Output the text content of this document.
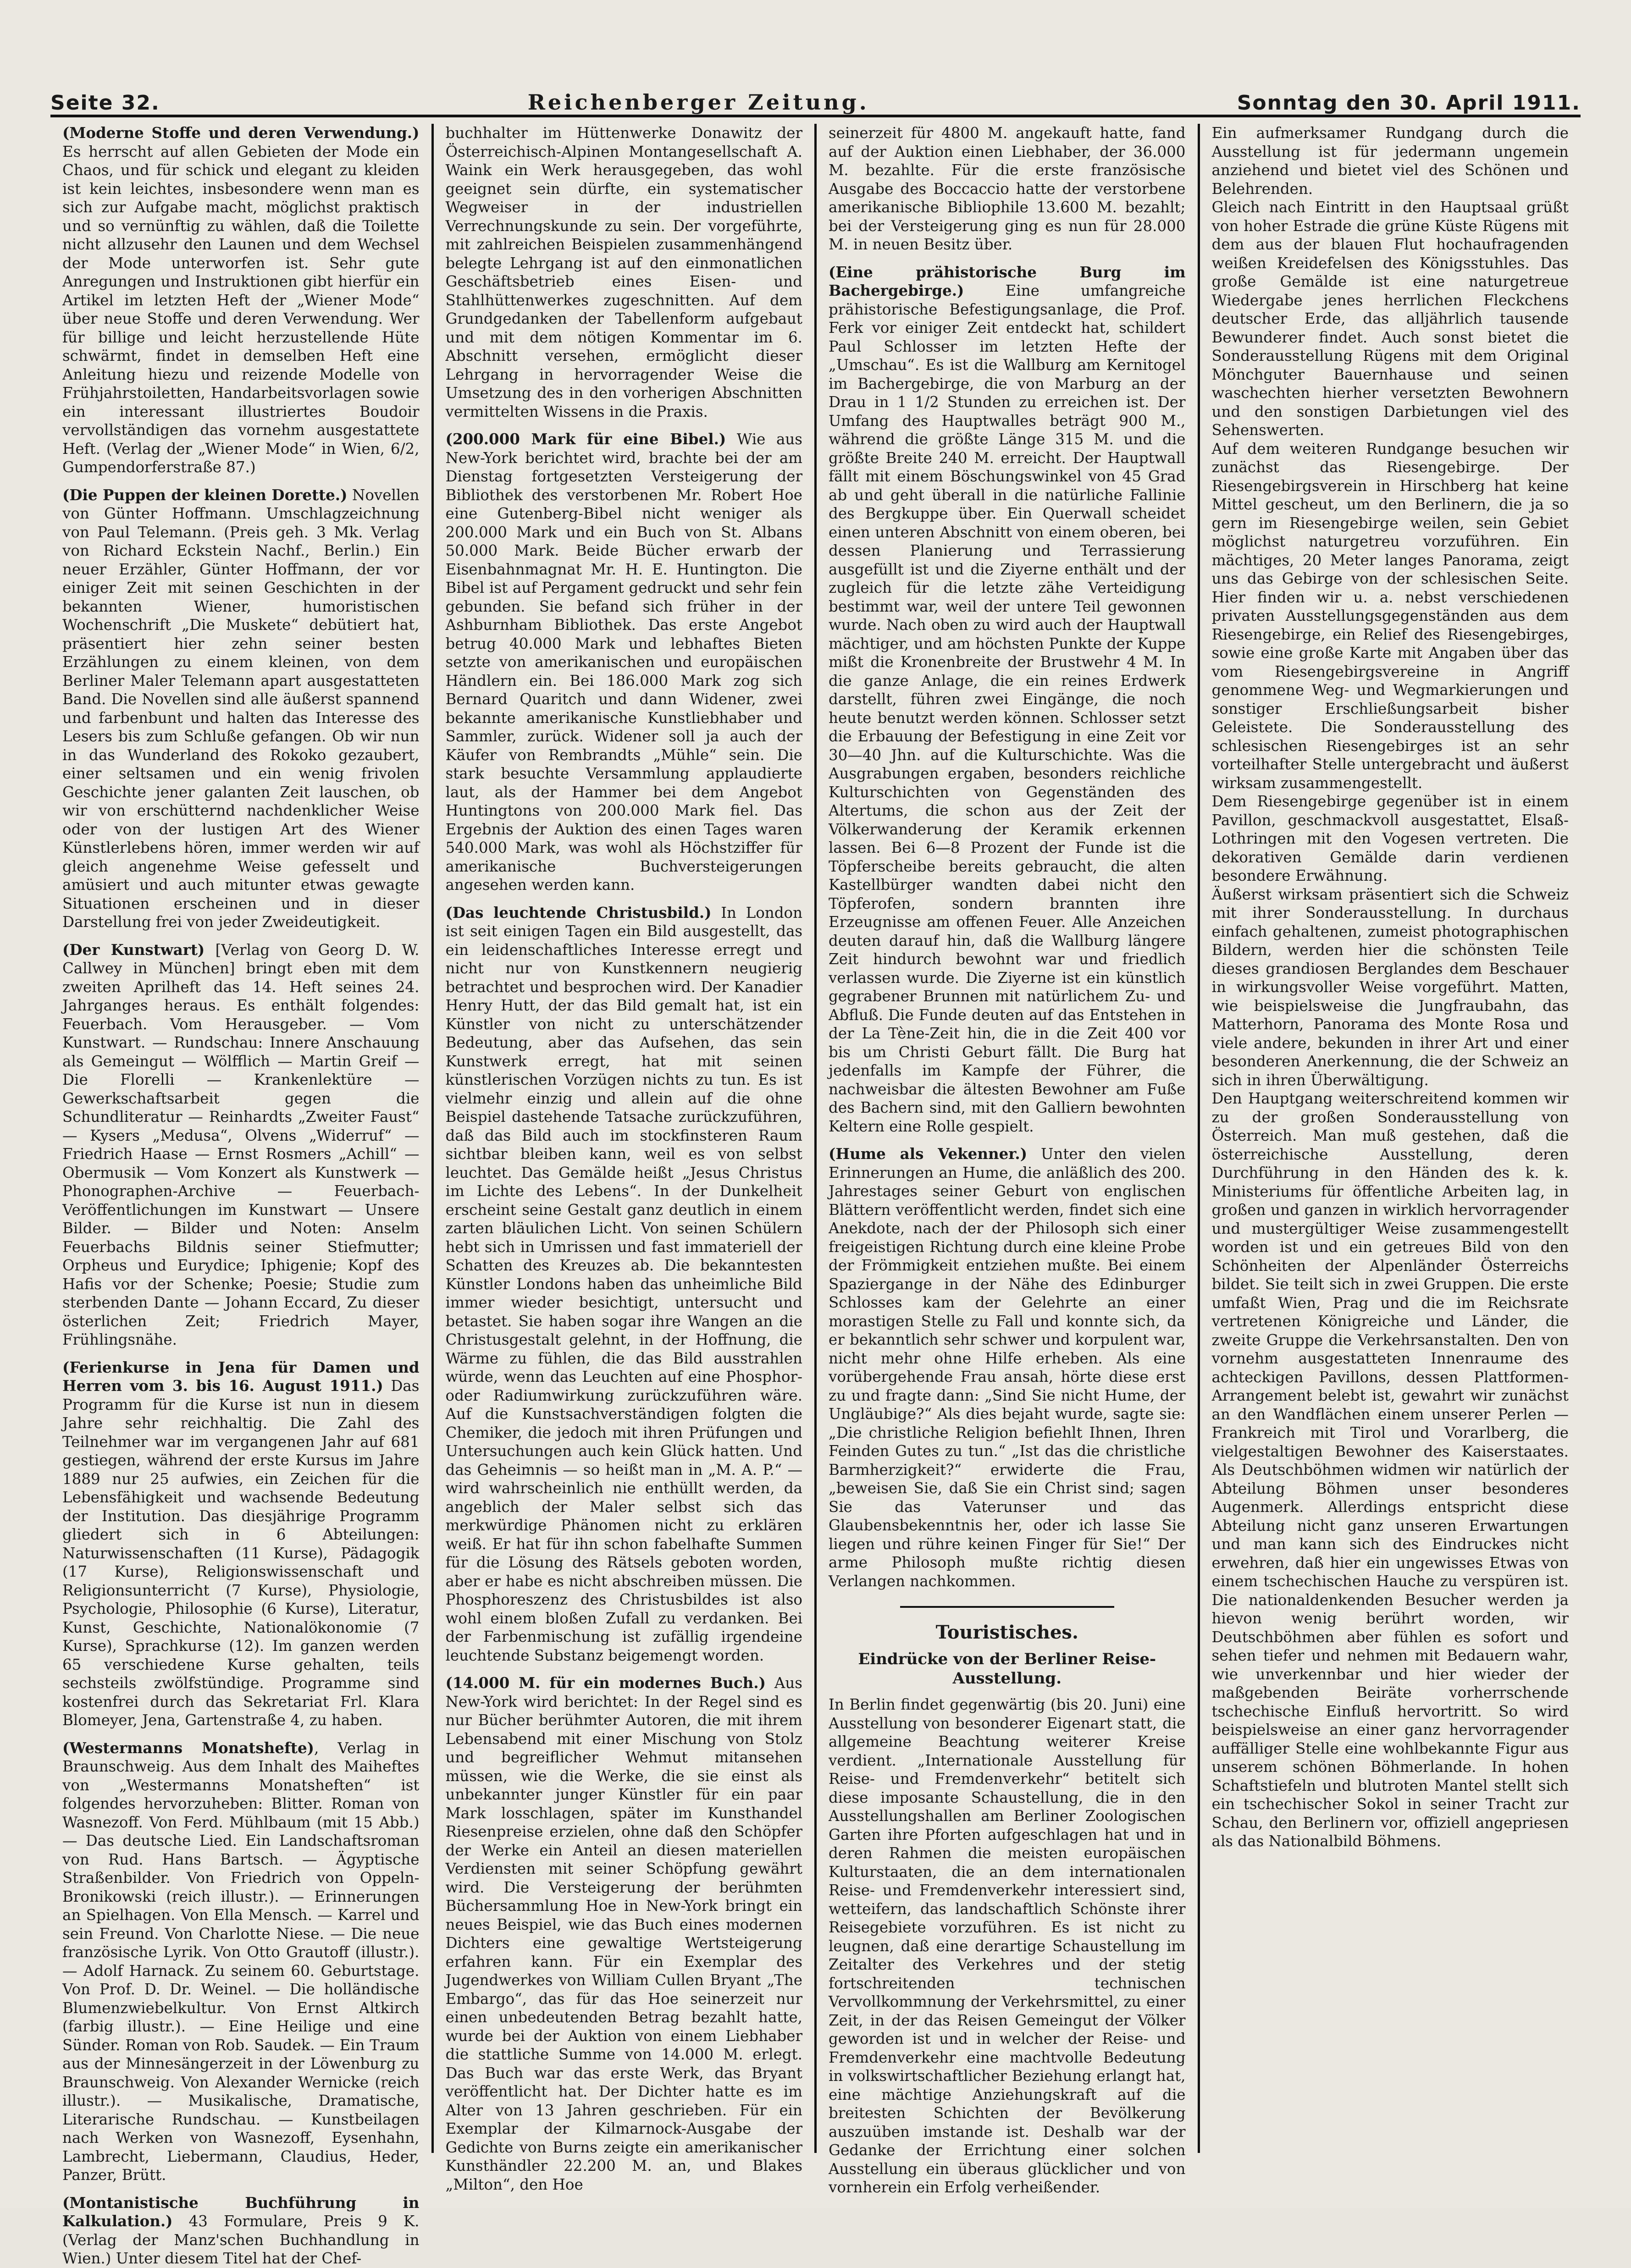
Seite 32.	Reichenberger Zeitung.	Sonntag den 30. April 1911.

(Moderne Stoffe und deren Verwendung.) Es herrscht auf allen Gebieten der Mode ein Chaos, und für schick und elegant zu kleiden ist kein leichtes, insbesondere wenn man es sich zur Aufgabe macht, möglichst praktisch und so vernünftig zu wählen, daß die Toilette nicht allzusehr den Launen und dem Wechsel der Mode unterworfen ist. Sehr gute Anregungen und Instruktionen gibt hierfür ein Artikel im letzten Heft der „Wiener Mode“ über neue Stoffe und deren Verwendung. Wer für billige und leicht herzustellende Hüte schwärmt, findet in demselben Heft eine Anleitung hiezu und reizende Modelle von Frühjahrstoiletten, Handarbeitsvorlagen sowie ein interessant illustriertes Boudoir vervollständigen das vornehm ausgestattete Heft. (Verlag der „Wiener Mode“ in Wien, 6/2, Gumpendorferstraße 87.)

(Die Puppen der kleinen Dorette.) Novellen von Günter Hoffmann. Umschlagzeichnung von Paul Telemann. (Preis geh. 3 Mk. Verlag von Richard Eckstein Nachf., Berlin.) Ein neuer Erzähler, Günter Hoffmann, der vor einiger Zeit mit seinen Geschichten in der bekannten Wiener, humoristischen Wochenschrift „Die Muskete“ debütiert hat, präsentiert hier zehn seiner besten Erzählungen zu einem kleinen, von dem Berliner Maler Telemann apart ausgestatteten Band. Die Novellen sind alle äußerst spannend und farbenbunt und halten das Interesse des Lesers bis zum Schluße gefangen. Ob wir nun in das Wunderland des Rokoko gezaubert, einer seltsamen und ein wenig frivolen Geschichte jener galanten Zeit lauschen, ob wir von erschütternd nachdenklicher Weise oder von der lustigen Art des Wiener Künstlerlebens hören, immer werden wir auf gleich angenehme Weise gefesselt und amüsiert und auch mitunter etwas gewagte Situationen erscheinen und in dieser Darstellung frei von jeder Zweideutigkeit.

(Der Kunstwart) [Verlag von Georg D. W. Callwey in München] bringt eben mit dem zweiten Aprilheft das 14. Heft seines 24. Jahrganges heraus. Es enthält folgendes: Feuerbach. Vom Herausgeber. — Vom Kunstwart. — Rundschau: Innere Anschauung als Gemeingut — Wölfflich — Martin Greif — Die Florelli — Krankenlektüre — Gewerkschaftsarbeit gegen die Schundliteratur — Reinhardts „Zweiter Faust“ — Kysers „Medusa“, Olvens „Widerruf“ — Friedrich Haase — Ernst Rosmers „Achill“ — Obermusik — Vom Konzert als Kunstwerk — Phonographen-Archive — Feuerbach-Veröffentlichungen im Kunstwart — Unsere Bilder. — Bilder und Noten: Anselm Feuerbachs Bildnis seiner Stiefmutter; Orpheus und Eurydice; Iphigenie; Kopf des Hafis vor der Schenke; Poesie; Studie zum sterbenden Dante — Johann Eccard, Zu dieser österlichen Zeit; Friedrich Mayer, Frühlingsnähe.

(Ferienkurse in Jena für Damen und Herren vom 3. bis 16. August 1911.) Das Programm für die Kurse ist nun in diesem Jahre sehr reichhaltig. Die Zahl des Teilnehmer war im vergangenen Jahr auf 681 gestiegen, während der erste Kursus im Jahre 1889 nur 25 aufwies, ein Zeichen für die Lebensfähigkeit und wachsende Bedeutung der Institution. Das diesjährige Programm gliedert sich in 6 Abteilungen: Naturwissenschaften (11 Kurse), Pädagogik (17 Kurse), Religionswissenschaft und Religionsunterricht (7 Kurse), Physiologie, Psychologie, Philosophie (6 Kurse), Literatur, Kunst, Geschichte, Nationalökonomie (7 Kurse), Sprachkurse (12). Im ganzen werden 65 verschiedene Kurse gehalten, teils sechsteils zwölfstündige. Programme sind kostenfrei durch das Sekretariat Frl. Klara Blomeyer, Jena, Gartenstraße 4, zu haben.

(Westermanns Monatshefte), Verlag in Braunschweig. Aus dem Inhalt des Maiheftes von „Westermanns Monatsheften“ ist folgendes hervorzuheben: Blitter. Roman von Wasnezoff. Von Ferd. Mühlbaum (mit 15 Abb.) — Das deutsche Lied. Ein Landschaftsroman von Rud. Hans Bartsch. — Ägyptische Straßenbilder. Von Friedrich von Oppeln-Bronikowski (reich illustr.). — Erinnerungen an Spielhagen. Von Ella Mensch. — Karrel und sein Freund. Von Charlotte Niese. — Die neue französische Lyrik. Von Otto Grautoff (illustr.). — Adolf Harnack. Zu seinem 60. Geburtstage. Von Prof. D. Dr. Weinel. — Die holländische Blumenzwiebelkultur. Von Ernst Altkirch (farbig illustr.). — Eine Heilige und eine Sünder. Roman von Rob. Saudek. — Ein Traum aus der Minnesängerzeit in der Löwenburg zu Braunschweig. Von Alexander Wernicke (reich illustr.). — Musikalische, Dramatische, Literarische Rundschau. — Kunstbeilagen nach Werken von Wasnezoff, Eysenhahn, Lambrecht, Liebermann, Claudius, Heder, Panzer, Brütt.

(Montanistische Buchführung in Kalkulation.) 43 Formulare, Preis 9 K. (Verlag der Manz'schen Buchhandlung in Wien.) Unter diesem Titel hat der Chef-

buchhalter im Hüttenwerke Donawitz der Österreichisch-Alpinen Montangesellschaft A. Waink ein Werk herausgegeben, das wohl geeignet sein dürfte, ein systematischer Wegweiser in der industriellen Verrechnungskunde zu sein. Der vorgeführte, mit zahlreichen Beispielen zusammenhängend belegte Lehrgang ist auf den einmonatlichen Geschäftsbetrieb eines Eisen- und Stahlhüttenwerkes zugeschnitten. Auf dem Grundgedanken der Tabellenform aufgebaut und mit dem nötigen Kommentar im 6. Abschnitt versehen, ermöglicht dieser Lehrgang in hervorragender Weise die Umsetzung des in den vorherigen Abschnitten vermittelten Wissens in die Praxis.

(200.000 Mark für eine Bibel.) Wie aus New-York berichtet wird, brachte bei der am Dienstag fortgesetzten Versteigerung der Bibliothek des verstorbenen Mr. Robert Hoe eine Gutenberg-Bibel nicht weniger als 200.000 Mark und ein Buch von St. Albans 50.000 Mark. Beide Bücher erwarb der Eisenbahnmagnat Mr. H. E. Huntington. Die Bibel ist auf Pergament gedruckt und sehr fein gebunden. Sie befand sich früher in der Ashburnham Bibliothek. Das erste Angebot betrug 40.000 Mark und lebhaftes Bieten setzte von amerikanischen und europäischen Händlern ein. Bei 186.000 Mark zog sich Bernard Quaritch und dann Widener, zwei bekannte amerikanische Kunstliebhaber und Sammler, zurück. Widener soll ja auch der Käufer von Rembrandts „Mühle“ sein. Die stark besuchte Versammlung applaudierte laut, als der Hammer bei dem Angebot Huntingtons von 200.000 Mark fiel. Das Ergebnis der Auktion des einen Tages waren 540.000 Mark, was wohl als Höchstziffer für amerikanische Buchversteigerungen angesehen werden kann.

(Das leuchtende Christusbild.) In London ist seit einigen Tagen ein Bild ausgestellt, das ein leidenschaftliches Interesse erregt und nicht nur von Kunstkennern neugierig betrachtet und besprochen wird. Der Kanadier Henry Hutt, der das Bild gemalt hat, ist ein Künstler von nicht zu unterschätzender Bedeutung, aber das Aufsehen, das sein Kunstwerk erregt, hat mit seinen künstlerischen Vorzügen nichts zu tun. Es ist vielmehr einzig und allein auf die ohne Beispiel dastehende Tatsache zurückzuführen, daß das Bild auch im stockfinsteren Raum sichtbar bleiben kann, weil es von selbst leuchtet. Das Gemälde heißt „Jesus Christus im Lichte des Lebens“. In der Dunkelheit erscheint seine Gestalt ganz deutlich in einem zarten bläulichen Licht. Von seinen Schülern hebt sich in Umrissen und fast immateriell der Schatten des Kreuzes ab. Die bekanntesten Künstler Londons haben das unheimliche Bild immer wieder besichtigt, untersucht und betastet. Sie haben sogar ihre Wangen an die Christusgestalt gelehnt, in der Hoffnung, die Wärme zu fühlen, die das Bild ausstrahlen würde, wenn das Leuchten auf eine Phosphor- oder Radiumwirkung zurückzuführen wäre. Auf die Kunstsachverständigen folgten die Chemiker, die jedoch mit ihren Prüfungen und Untersuchungen auch kein Glück hatten. Und das Geheimnis — so heißt man in „M. A. P.“ — wird wahrscheinlich nie enthüllt werden, da angeblich der Maler selbst sich das merkwürdige Phänomen nicht zu erklären weiß. Er hat für ihn schon fabelhafte Summen für die Lösung des Rätsels geboten worden, aber er habe es nicht abschreiben müssen. Die Phosphoreszenz des Christusbildes ist also wohl einem bloßen Zufall zu verdanken. Bei der Farbenmischung ist zufällig irgendeine leuchtende Substanz beigemengt worden.

(14.000 M. für ein modernes Buch.) Aus New-York wird berichtet: In der Regel sind es nur Bücher berühmter Autoren, die mit ihrem Lebensabend mit einer Mischung von Stolz und begreiflicher Wehmut mitansehen müssen, wie die Werke, die sie einst als unbekannter junger Künstler für ein paar Mark losschlagen, später im Kunsthandel Riesenpreise erzielen, ohne daß den Schöpfer der Werke ein Anteil an diesen materiellen Verdiensten mit seiner Schöpfung gewährt wird. Die Versteigerung der berühmten Büchersammlung Hoe in New-York bringt ein neues Beispiel, wie das Buch eines modernen Dichters eine gewaltige Wertsteigerung erfahren kann. Für ein Exemplar des Jugendwerkes von William Cullen Bryant „The Embargo“, das für das Hoe seinerzeit nur einen unbedeutenden Betrag bezahlt hatte, wurde bei der Auktion von einem Liebhaber die stattliche Summe von 14.000 M. erlegt. Das Buch war das erste Werk, das Bryant veröffentlicht hat. Der Dichter hatte es im Alter von 13 Jahren geschrieben. Für ein Exemplar der Kilmarnock-Ausgabe der Gedichte von Burns zeigte ein amerikanischer Kunsthändler 22.200 M. an, und Blakes „Milton“, den Hoe

seinerzeit für 4800 M. angekauft hatte, fand auf der Auktion einen Liebhaber, der 36.000 M. bezahlte. Für die erste französische Ausgabe des Boccaccio hatte der verstorbene amerikanische Bibliophile 13.600 M. bezahlt; bei der Versteigerung ging es nun für 28.000 M. in neuen Besitz über.

(Eine prähistorische Burg im Bachergebirge.)	Eine umfangreiche prähistorische Befestigungsanlage, die Prof. Ferk vor einiger Zeit entdeckt hat, schildert Paul Schlosser im letzten Hefte der „Umschau“. Es ist die Wallburg am Kernitogel im Bachergebirge, die von Marburg an der Drau in 1 1/2 Stunden zu erreichen ist. Der Umfang des Hauptwalles beträgt 900 M., während die größte Länge 315 M. und die größte Breite 240 M. erreicht. Der Hauptwall fällt mit einem Böschungswinkel von 45 Grad ab und geht überall in die natürliche Fallinie des Bergkuppe über. Ein Querwall scheidet einen unteren Abschnitt von einem oberen, bei dessen Planierung und Terrassierung ausgefüllt ist und die Ziyerne enthält und der zugleich für die letzte zähe Verteidigung bestimmt war, weil der untere Teil gewonnen wurde. Nach oben zu wird auch der Hauptwall mächtiger, und am höchsten Punkte der Kuppe mißt die Kronenbreite der Brustwehr 4 M. In die ganze Anlage, die ein reines Erdwerk darstellt, führen zwei Eingänge, die noch heute benutzt werden können. Schlosser setzt die Erbauung der Befestigung in eine Zeit vor 30—40 Jhn. auf die Kulturschichte. Was die Ausgrabungen ergaben, besonders reichliche Kulturschichten von Gegenständen des Altertums, die schon aus der Zeit der Völkerwanderung der Keramik erkennen lassen. Bei 6—8 Prozent der Funde ist die Töpferscheibe bereits gebraucht, die alten Kastellbürger wandten dabei nicht den Töpferofen, sondern brannten ihre Erzeugnisse am offenen Feuer. Alle Anzeichen deuten darauf hin, daß die Wallburg längere Zeit hindurch bewohnt war und friedlich verlassen wurde. Die Ziyerne ist ein künstlich gegrabener Brunnen mit natürlichem Zu- und Abfluß. Die Funde deuten auf das Entstehen in der La Tène-Zeit hin, die in die Zeit 400 vor bis um Christi Geburt fällt. Die Burg hat jedenfalls im Kampfe der Führer, die nachweisbar die ältesten Bewohner am Fuße des Bachern sind, mit den Galliern bewohnten Keltern eine Rolle gespielt.

(Hume als Vekenner.) Unter den vielen Erinnerungen an Hume, die anläßlich des 200. Jahrestages seiner Geburt von englischen Blättern veröffentlicht werden, findet sich eine Anekdote, nach der der Philosoph sich einer freigeistigen Richtung durch eine kleine Probe der Frömmigkeit entziehen mußte. Bei einem Spaziergange in der Nähe des Edinburger Schlosses kam der Gelehrte an einer morastigen Stelle zu Fall und konnte sich, da er bekanntlich sehr schwer und korpulent war, nicht mehr ohne Hilfe erheben. Als eine vorübergehende Frau ansah, hörte diese erst zu und fragte dann: „Sind Sie nicht Hume, der Ungläubige?“ Als dies bejaht wurde, sagte sie: „Die christliche Religion befiehlt Ihnen, Ihren Feinden Gutes zu tun.“ „Ist das die christliche Barmherzigkeit?“ erwiderte die Frau, „beweisen Sie, daß Sie ein Christ sind; sagen Sie das Vaterunser und das Glaubensbekenntnis her, oder ich lasse Sie liegen und rühre keinen Finger für Sie!“ Der arme Philosoph mußte richtig diesen Verlangen nachkommen.

Touristisches.
Eindrücke von der Berliner Reise-Ausstellung.

In Berlin findet gegenwärtig (bis 20. Juni) eine Ausstellung von besonderer Eigenart statt, die allgemeine Beachtung weiterer Kreise verdient. „Internationale Ausstellung für Reise- und Fremdenverkehr“ betitelt sich diese imposante Schaustellung, die in den Ausstellungshallen am Berliner Zoologischen Garten ihre Pforten aufgeschlagen hat und in deren Rahmen die meisten europäischen Kulturstaaten, die an dem internationalen Reise- und Fremdenverkehr interessiert sind, wetteifern, das landschaftlich Schönste ihrer Reisegebiete vorzuführen. Es ist nicht zu leugnen, daß eine derartige Schaustellung im Zeitalter des Verkehres und der stetig fortschreitenden technischen Vervollkommnung der Verkehrsmittel, zu einer Zeit, in der das Reisen Gemeingut der Völker geworden ist und in welcher der Reise- und Fremdenverkehr eine machtvolle Bedeutung in volkswirtschaftlicher Beziehung erlangt hat, eine mächtige Anziehungskraft auf die breitesten Schichten der Bevölkerung auszuüben imstande ist. Deshalb war der Gedanke der Errichtung einer solchen Ausstellung ein überaus glücklicher und von vornherein ein Erfolg verheißender.

Ein aufmerksamer Rundgang durch die Ausstellung ist für jedermann ungemein anziehend und bietet viel des Schönen und Belehrenden.

Gleich nach Eintritt in den Hauptsaal grüßt von hoher Estrade die grüne Küste Rügens mit dem aus der blauen Flut hochaufragenden weißen Kreidefelsen des Königsstuhles. Das große Gemälde ist eine naturgetreue Wiedergabe jenes herrlichen Fleckchens deutscher Erde, das alljährlich tausende Bewunderer findet. Auch sonst bietet die Sonderausstellung Rügens mit dem Original Mönchguter Bauernhause und seinen waschechten hierher versetzten Bewohnern und den sonstigen Darbietungen viel des Sehenswerten.

Auf dem weiteren Rundgange besuchen wir zunächst das Riesengebirge. Der Riesengebirgsverein in Hirschberg hat keine Mittel gescheut, um den Berlinern, die ja so gern im Riesengebirge weilen, sein Gebiet möglichst naturgetreu vorzuführen. Ein mächtiges, 20 Meter langes Panorama, zeigt uns das Gebirge von der schlesischen Seite. Hier finden wir u. a. nebst verschiedenen privaten Ausstellungsgegenständen aus dem Riesengebirge, ein Relief des Riesengebirges, sowie eine große Karte mit Angaben über das vom Riesengebirgsvereine in Angriff genommene Weg- und Wegmarkierungen und sonstiger Erschließungsarbeit bisher Geleistete. Die Sonderausstellung des schlesischen Riesengebirges ist an sehr vorteilhafter Stelle untergebracht und äußerst wirksam zusammengestellt.

Dem Riesengebirge gegenüber ist in einem Pavillon, geschmackvoll ausgestattet, Elsaß-Lothringen mit den Vogesen vertreten. Die dekorativen Gemälde darin verdienen besondere Erwähnung.

Äußerst wirksam präsentiert sich die Schweiz mit ihrer Sonderausstellung. In durchaus einfach gehaltenen, zumeist photographischen Bildern, werden hier die schönsten Teile dieses grandiosen Berglandes dem Beschauer in wirkungsvoller Weise vorgeführt. Matten, wie beispielsweise die Jungfraubahn, das Matterhorn, Panorama des Monte Rosa und viele andere, bekunden in ihrer Art und einer besonderen Anerkennung, die der Schweiz an sich in ihren Überwältigung.

Den Hauptgang weiterschreitend kommen wir zu der großen Sonderausstellung von Österreich. Man muß gestehen, daß die österreichische Ausstellung, deren Durchführung in den Händen des k. k. Ministeriums für öffentliche Arbeiten lag, in großen und ganzen in wirklich hervorragender und mustergültiger Weise zusammengestellt worden ist und ein getreues Bild von den Schönheiten der Alpenländer Österreichs bildet. Sie teilt sich in zwei Gruppen. Die erste umfaßt Wien, Prag und die im Reichsrate vertretenen Königreiche und Länder, die zweite Gruppe die Verkehrsanstalten. Den von vornehm ausgestatteten Innenraume des achteckigen Pavillons, dessen Plattformen-Arrangement belebt ist, gewahrt wir zunächst an den Wandflächen einem unserer Perlen — Frankreich mit Tirol und Vorarlberg, die vielgestaltigen Bewohner des Kaiserstaates. Als Deutschböhmen widmen wir natürlich der Abteilung Böhmen unser besonderes Augenmerk. Allerdings entspricht diese Abteilung nicht ganz unseren Erwartungen und man kann sich des Eindruckes nicht erwehren, daß hier ein ungewisses Etwas von einem tschechischen Hauche zu verspüren ist. Die nationaldenkenden Besucher werden ja hievon wenig berührt worden, wir Deutschböhmen aber fühlen es sofort und sehen tiefer und nehmen mit Bedauern wahr, wie unverkennbar und hier wieder der maßgebenden Beiräte vorherrschende tschechische Einfluß hervortritt. So wird beispielsweise an einer ganz hervorragender auffälliger Stelle eine wohlbekannte Figur aus unserem schönen Böhmerlande. In hohen Schaftstiefeln und blutroten Mantel stellt sich ein tschechischer Sokol in seiner Tracht zur Schau, den Berlinern vor, offiziell angepriesen als das Nationalbild Böhmens.
